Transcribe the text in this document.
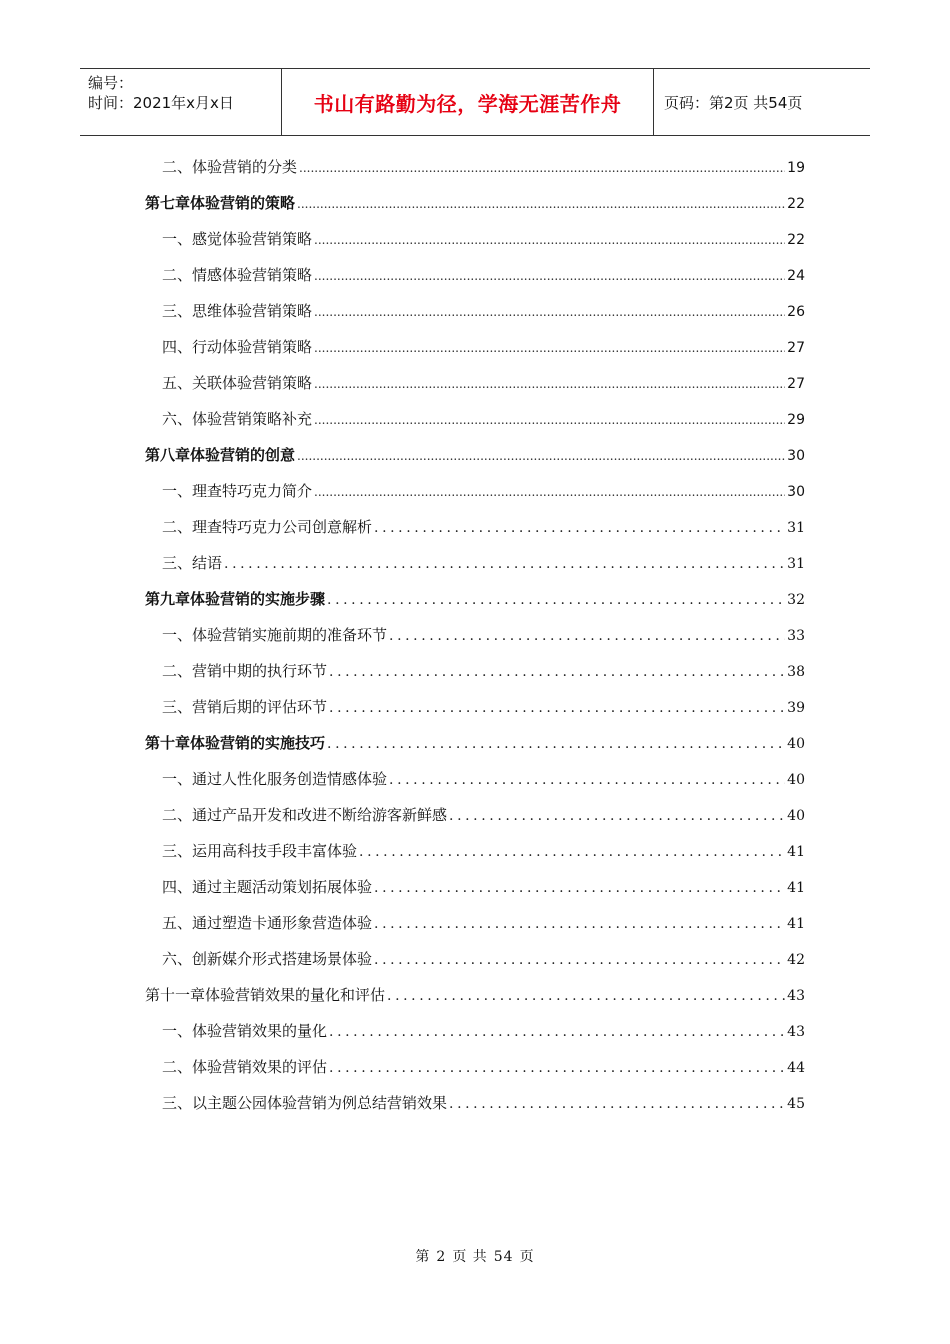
编号：
时间：2021年x月x日	书山有路勤为径，学海无涯苦作舟	页码：第2页 共54页
二、体验营销的分类 .....	19
第七章体验营销的策略 .....	22
一、感觉体验营销策略 .....	22
二、情感体验营销策略 .....	24
三、思维体验营销策略 .....	26
四、行动体验营销策略 .....	27
五、关联体验营销策略 .....	27
六、体验营销策略补充 .....	29
第八章体验营销的创意 .....	30
一、理查特巧克力简介 .....	30
二、理查特巧克力公司创意解析 .....	31
三、结语 .....	31
第九章体验营销的实施步骤 .....	32
一、体验营销实施前期的准备环节 .....	33
二、营销中期的执行环节 .....	38
三、营销后期的评估环节 .....	39
第十章体验营销的实施技巧 .....	40
一、通过人性化服务创造情感体验 .....	40
二、通过产品开发和改进不断给游客新鲜感 .....	40
三、运用高科技手段丰富体验 .....	41
四、通过主题活动策划拓展体验 .....	41
五、通过塑造卡通形象营造体验 .....	41
六、创新媒介形式搭建场景体验 .....	42
第十一章体验营销效果的量化和评估 .....	43
一、体验营销效果的量化 .....	43
二、体验营销效果的评估 .....	44
三、以主题公园体验营销为例总结营销效果 .....	45
第 2 页 共 54 页
